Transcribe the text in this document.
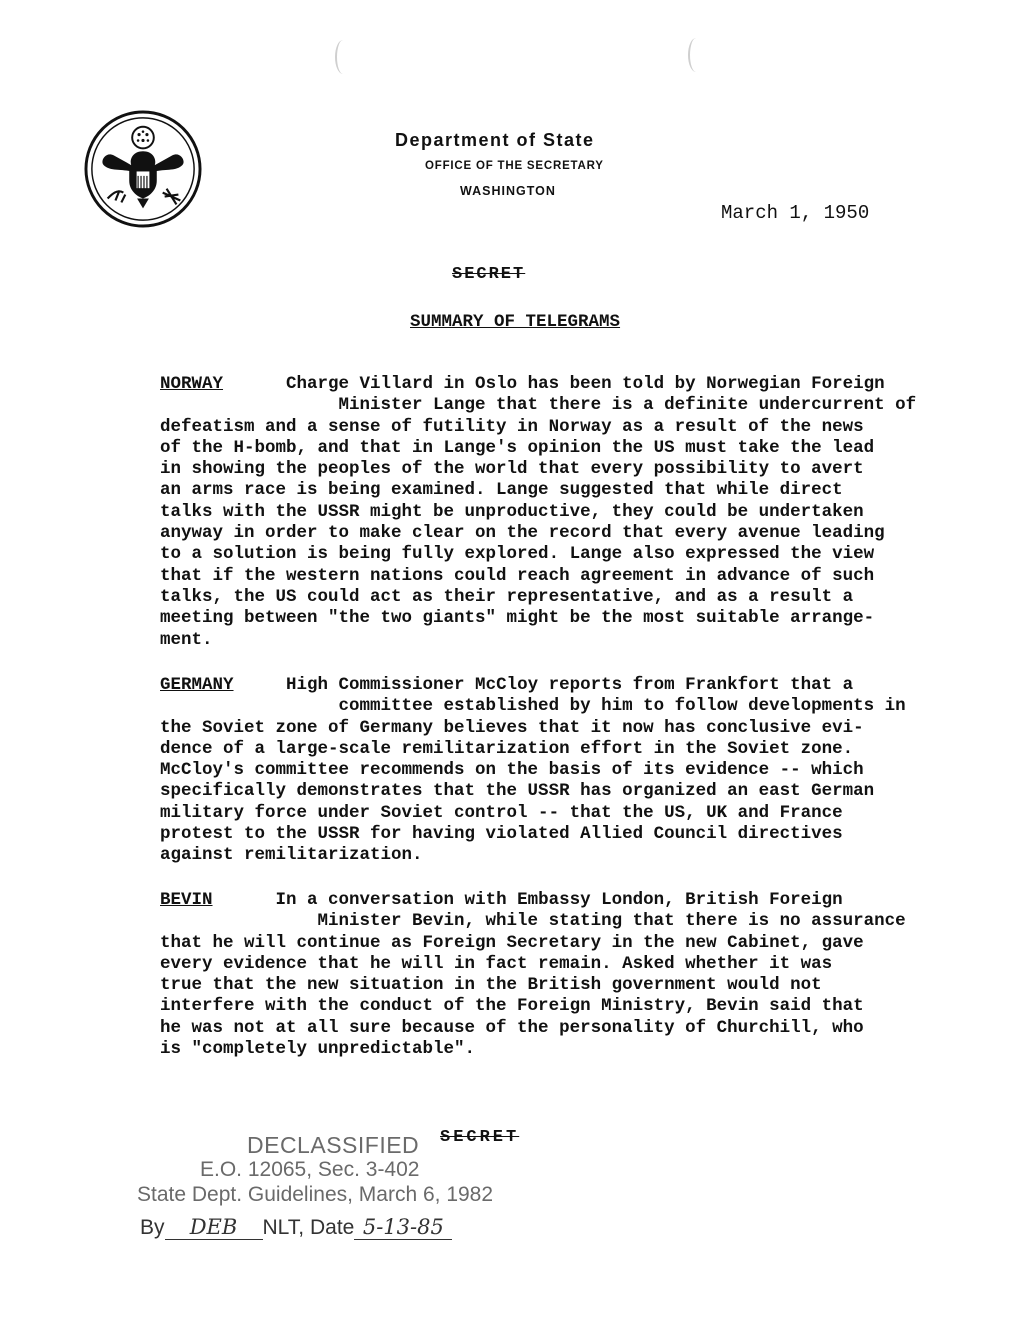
Department of State
OFFICE OF THE SECRETARY
WASHINGTON
March 1, 1950
SECRET
SUMMARY OF TELEGRAMS
NORWAY	Charge Villard in Oslo has been told by Norwegian Foreign
Minister Lange that there is a definite undercurrent of
defeatism and a sense of futility in Norway as a result of the news
of the H-bomb, and that in Lange's opinion the US must take the lead
in showing the peoples of the world that every possibility to avert
an arms race is being examined. Lange suggested that while direct
talks with the USSR might be unproductive, they could be undertaken
anyway in order to make clear on the record that every avenue leading
to a solution is being fully explored. Lange also expressed the view
that if the western nations could reach agreement in advance of such
talks, the US could act as their representative, and as a result a
meeting between "the two giants" might be the most suitable arrange-
ment.
GERMANY	High Commissioner McCloy reports from Frankfort that a
committee established by him to follow developments in
the Soviet zone of Germany believes that it now has conclusive evi-
dence of a large-scale remilitarization effort in the Soviet zone.
McCloy's committee recommends on the basis of its evidence -- which
specifically demonstrates that the USSR has organized an east German
military force under Soviet control -- that the US, UK and France
protest to the USSR for having violated Allied Council directives
against remilitarization.
BEVIN	In a conversation with Embassy London, British Foreign
Minister Bevin, while stating that there is no assurance
that he will continue as Foreign Secretary in the new Cabinet, gave
every evidence that he will in fact remain. Asked whether it was
true that the new situation in the British government would not
interfere with the conduct of the Foreign Ministry, Bevin said that
he was not at all sure because of the personality of Churchill, who
is "completely unpredictable".
SECRET
DECLASSIFIED
E.O. 12065, Sec. 3-402
State Dept. Guidelines, March 6, 1982
By DEB NLT, Date 5-13-85
